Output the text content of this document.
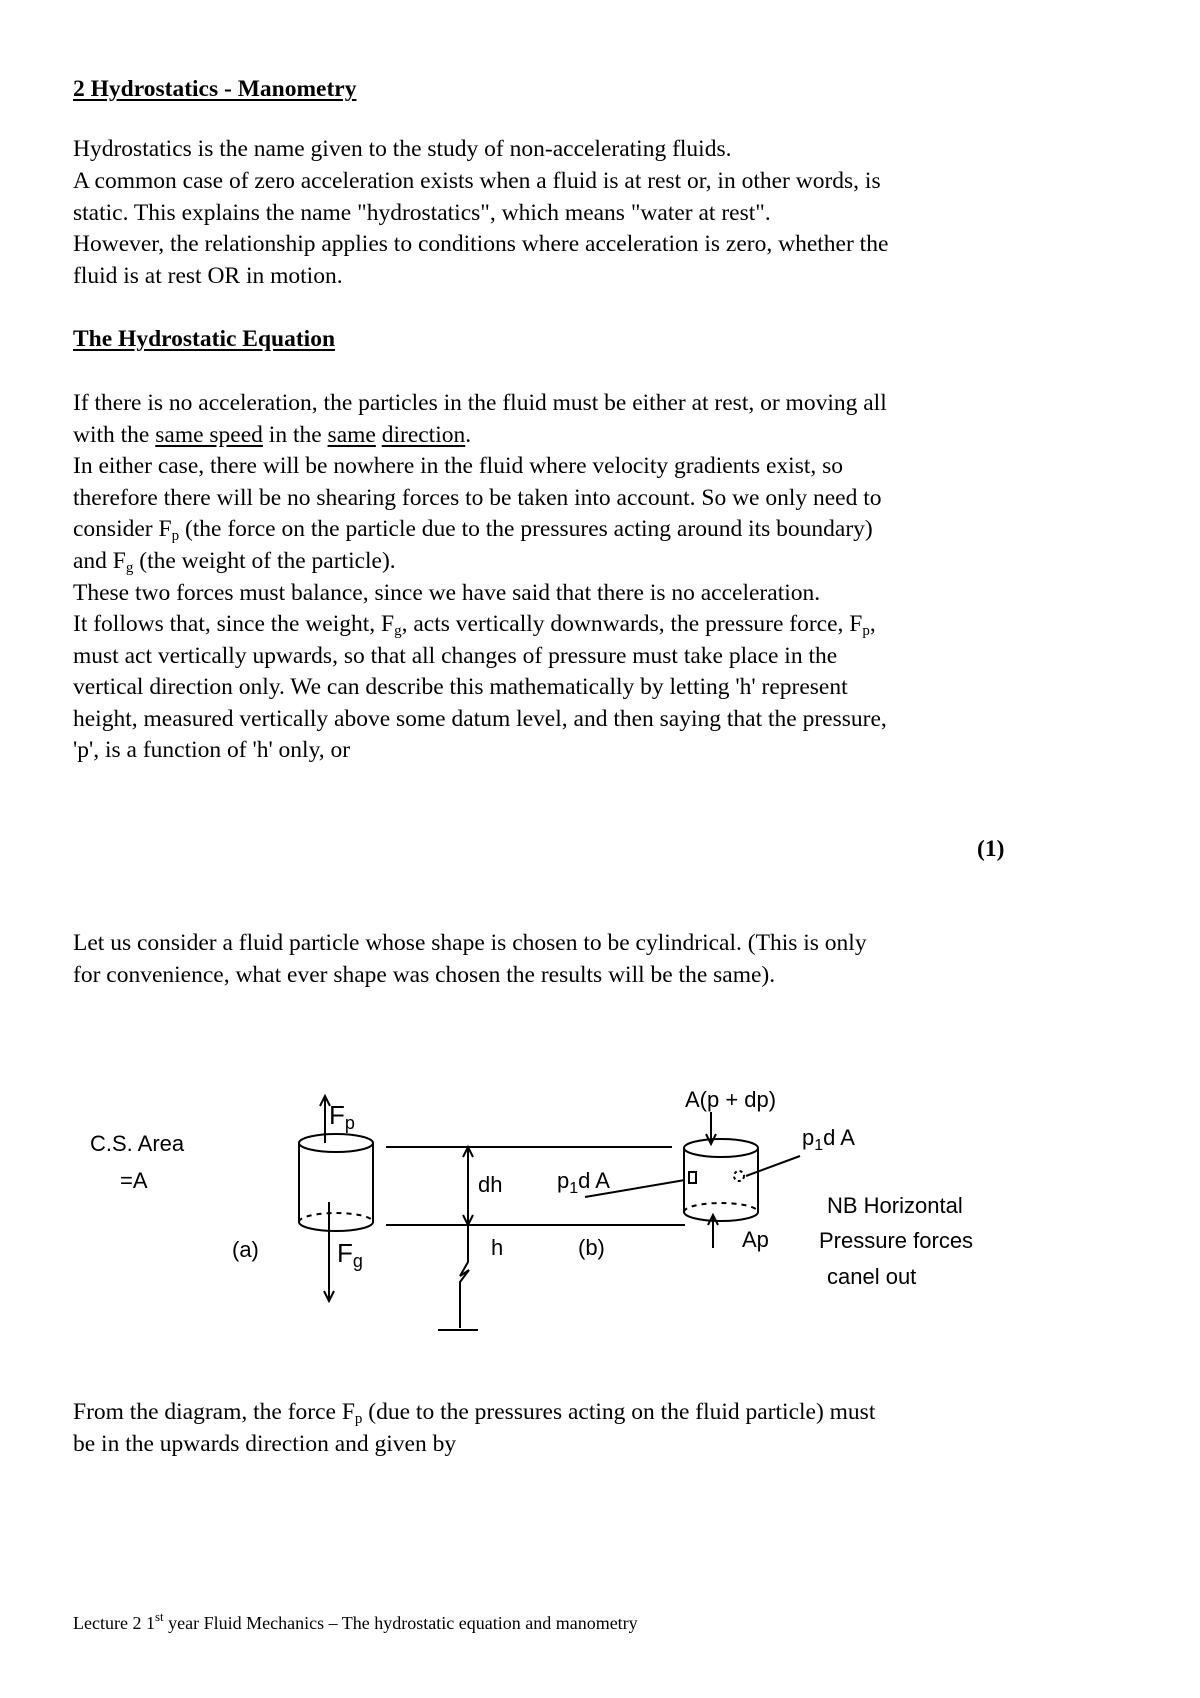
2 Hydrostatics - Manometry

Hydrostatics is the name given to the study of non-accelerating fluids.

A common case of zero acceleration exists when a fluid is at rest or, in other words, is

static. This explains the name "hydrostatics", which means "water at rest".

However, the relationship applies to conditions where acceleration is zero, whether the

fluid is at rest OR in motion.

The Hydrostatic Equation

If there is no acceleration, the particles in the fluid must be either at rest, or moving all

with the same speed in the same direction.

In either case, there will be nowhere in the fluid where velocity gradients exist, so

therefore there will be no shearing forces to be taken into account. So we only need to

consider $F_p$ (the force on the particle due to the pressures acting around its boundary)

and $F_g$ (the weight of the particle).

These two forces must balance, since we have said that there is no acceleration.

It follows that, since the weight, $F_g$, acts vertically downwards, the pressure force, $F_p$,

must act vertically upwards, so that all changes of pressure must take place in the

vertical direction only. We can describe this mathematically by letting 'h' represent

height, measured vertically above some datum level, and then saying that the pressure,

'p', is a function of 'h' only, or

(1)

Let us consider a fluid particle whose shape is chosen to be cylindrical. (This is only

for convenience, what ever shape was chosen the results will be the same).

C.S. Area
=A
(a)
Fp
Fg
dh
h	(b)
$p_1d$ A
A(p + dp)
$p_1d$ A
Ap
NB Horizontal
Pressure forces
canel out

From the diagram, the force $F_p$ (due to the pressures acting on the fluid particle) must

be in the upwards direction and given by

Lecture 2 1st year Fluid Mechanics – The hydrostatic equation and manometry
